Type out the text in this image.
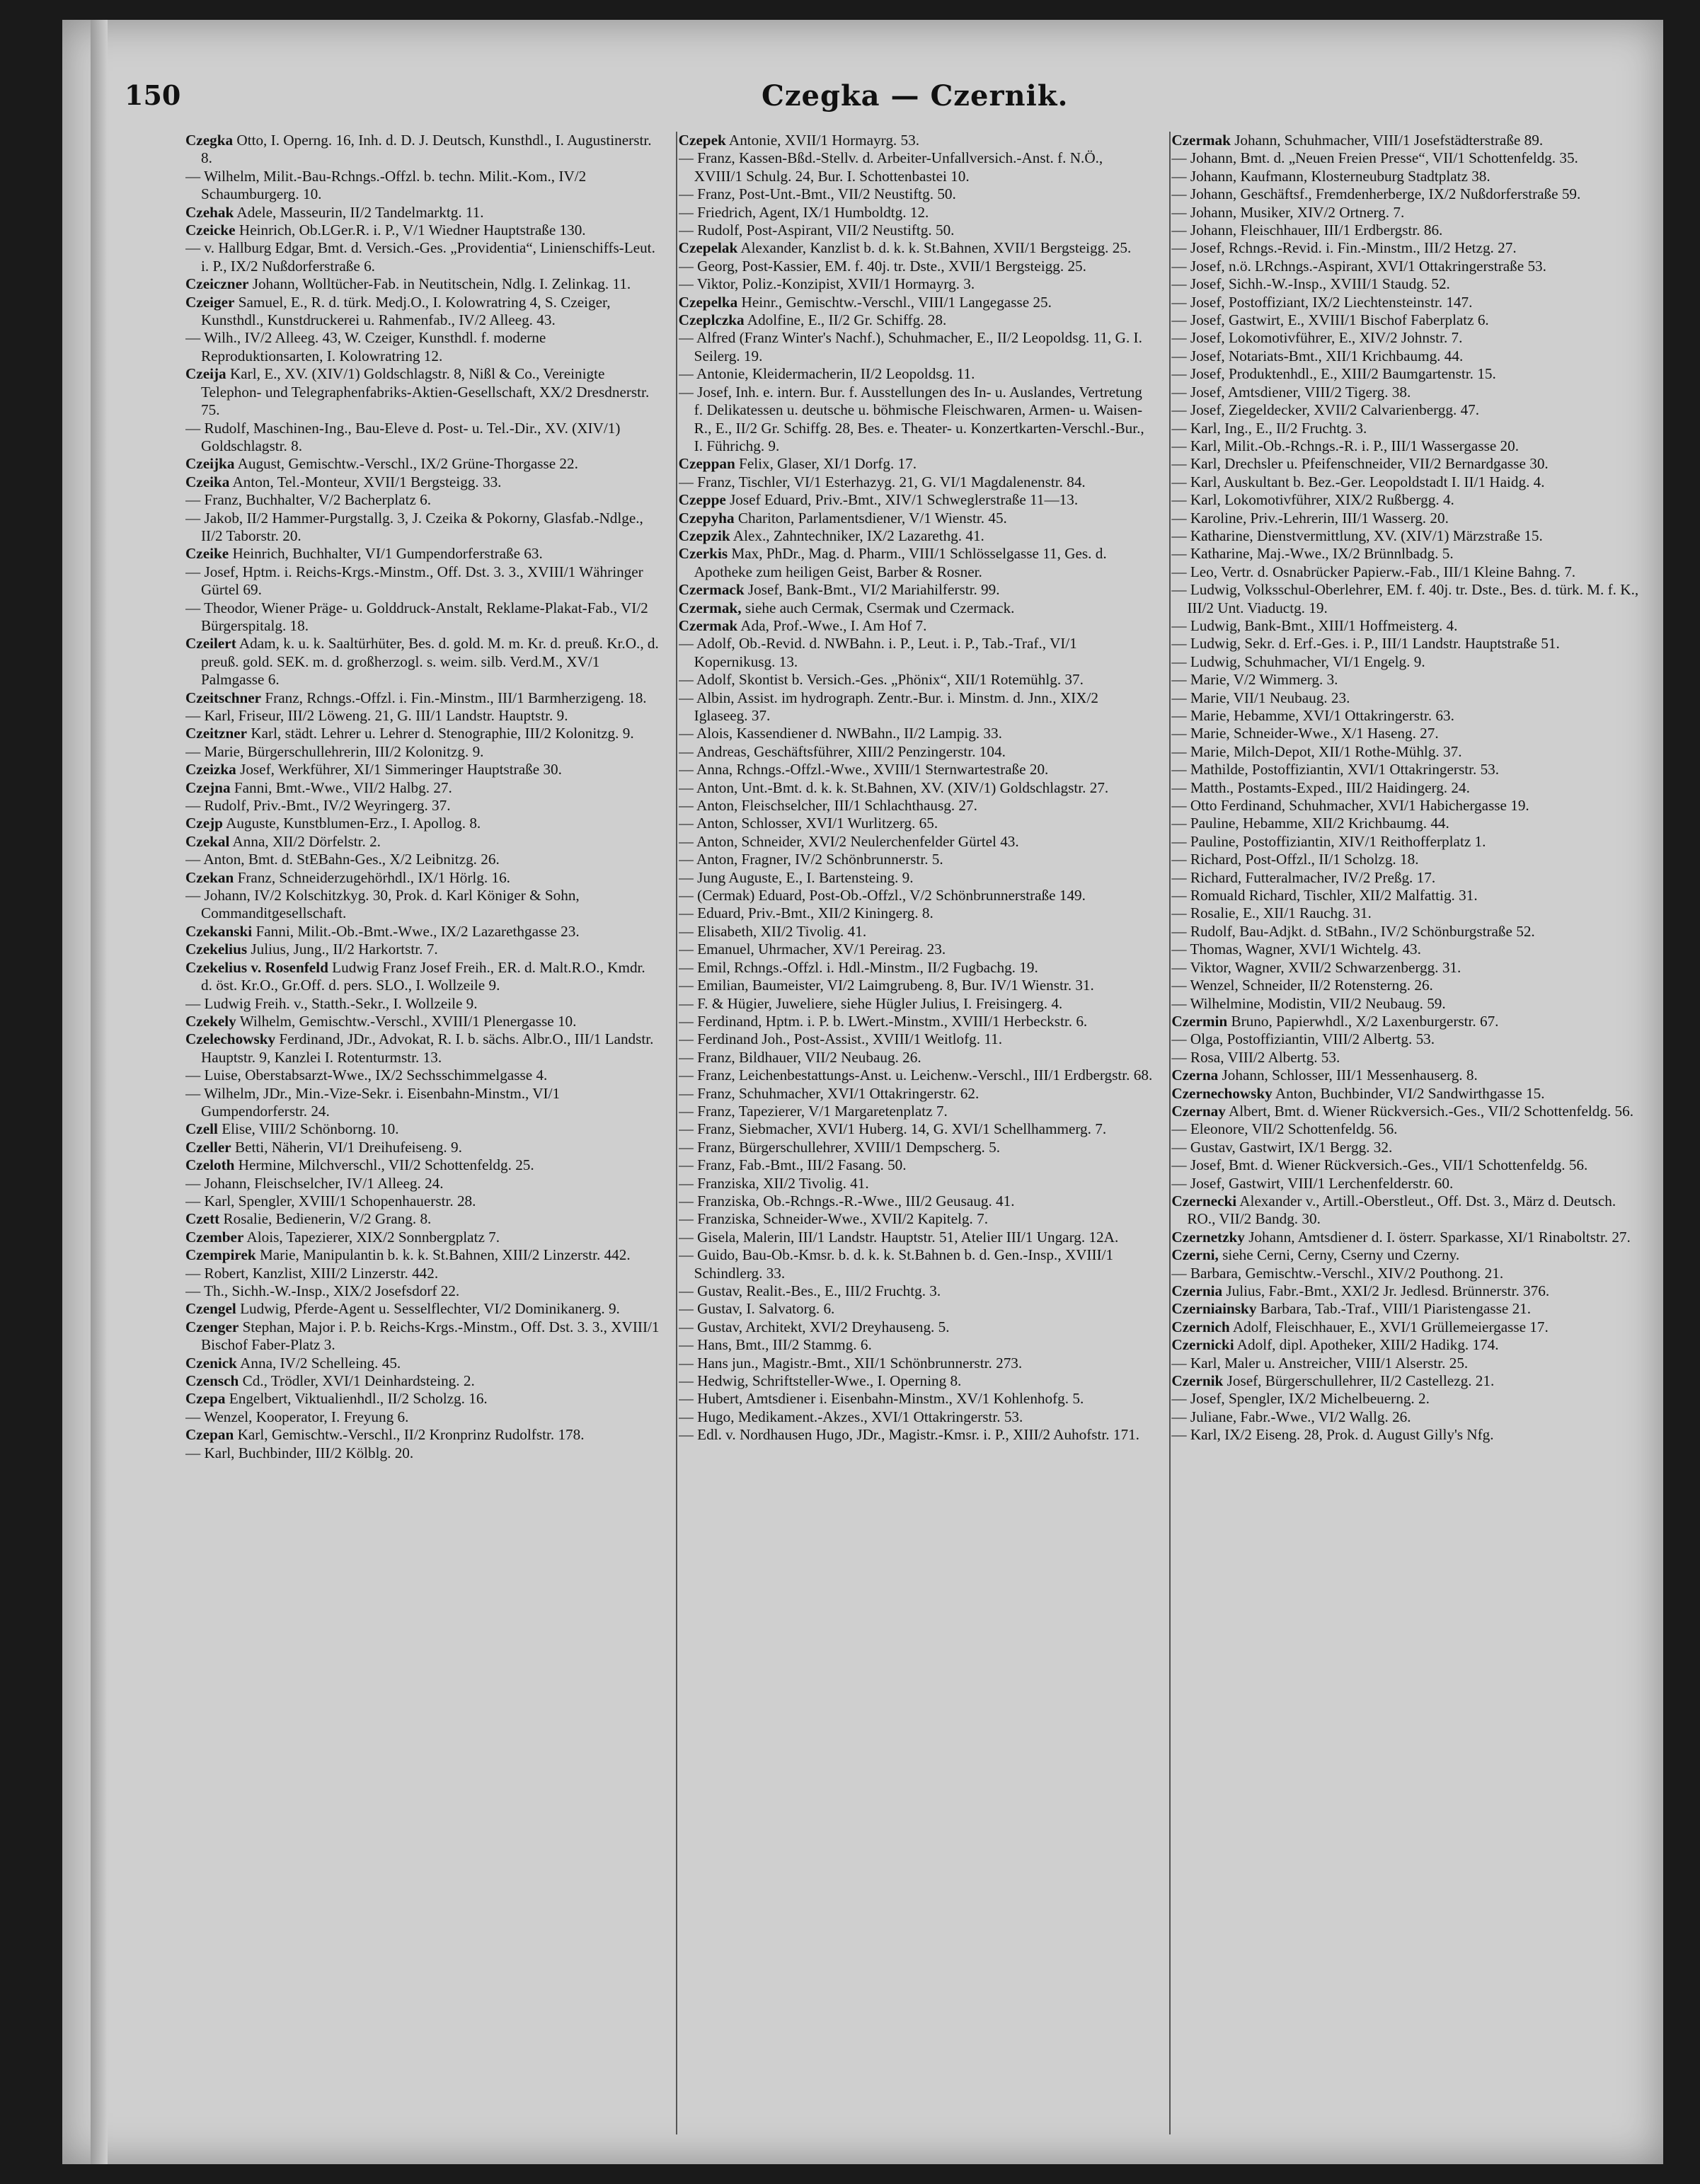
150	Czegka — Czernik.

Czegka Otto, I. Operng. 16, Inh. d. D. J. Deutsch, Kunsthdl., I. Augustinerstr. 8.

— Wilhelm, Milit.-Bau-Rchngs.-Offzl. b. techn. Milit.-Kom., IV/2 Schaumburgerg. 10.

Czehak Adele, Masseurin, II/2 Tandelmarktg. 11.

Czeicke Heinrich, Ob.LGer.R. i. P., V/1 Wiedner Hauptstraße 130.

— v. Hallburg Edgar, Bmt. d. Versich.-Ges. „Providentia“, Linienschiffs-Leut. i. P., IX/2 Nußdorferstraße 6.

Czeiczner Johann, Wolltücher-Fab. in Neutitschein, Ndlg. I. Zelinkag. 11.

Czeiger Samuel, E., R. d. türk. Medj.O., I. Kolowratring 4, S. Czeiger, Kunsthdl., Kunstdruckerei u. Rahmenfab., IV/2 Alleeg. 43.

— Wilh., IV/2 Alleeg. 43, W. Czeiger, Kunsthdl. f. moderne Reproduktionsarten, I. Kolowratring 12.

Czeija Karl, E., XV. (XIV/1) Goldschlagstr. 8, Nißl & Co., Vereinigte Telephon- und Telegraphenfabriks-Aktien-Gesellschaft, XX/2 Dresdnerstr. 75.

— Rudolf, Maschinen-Ing., Bau-Eleve d. Post- u. Tel.-Dir., XV. (XIV/1) Goldschlagstr. 8.

Czeijka August, Gemischtw.-Verschl., IX/2 Grüne-Thorgasse 22.

Czeika Anton, Tel.-Monteur, XVII/1 Bergsteigg. 33.

— Franz, Buchhalter, V/2 Bacherplatz 6.

— Jakob, II/2 Hammer-Purgstallg. 3, J. Czeika & Pokorny, Glasfab.-Ndlge., II/2 Taborstr. 20.

Czeike Heinrich, Buchhalter, VI/1 Gumpendorferstraße 63.

— Josef, Hptm. i. Reichs-Krgs.-Minstm., Off. Dst. 3. 3., XVIII/1 Währinger Gürtel 69.

— Theodor, Wiener Präge- u. Golddruck-Anstalt, Reklame-Plakat-Fab., VI/2 Bürgerspitalg. 18.

Czeilert Adam, k. u. k. Saaltürhüter, Bes. d. gold. M. m. Kr. d. preuß. Kr.O., d. preuß. gold. SEK. m. d. großherzogl. s. weim. silb. Verd.M., XV/1 Palmgasse 6.

Czeitschner Franz, Rchngs.-Offzl. i. Fin.-Minstm., III/1 Barmherzigeng. 18.

— Karl, Friseur, III/2 Löweng. 21, G. III/1 Landstr. Hauptstr. 9.

Czeitzner Karl, städt. Lehrer u. Lehrer d. Stenographie, III/2 Kolonitzg. 9.

— Marie, Bürgerschullehrerin, III/2 Kolonitzg. 9.

Czeizka Josef, Werkführer, XI/1 Simmeringer Hauptstraße 30.

Czejna Fanni, Bmt.-Wwe., VII/2 Halbg. 27.

— Rudolf, Priv.-Bmt., IV/2 Weyringerg. 37.

Czejp Auguste, Kunstblumen-Erz., I. Apollog. 8.

Czekal Anna, XII/2 Dörfelstr. 2.

— Anton, Bmt. d. StEBahn-Ges., X/2 Leibnitzg. 26.

Czekan Franz, Schneiderzugehörhdl., IX/1 Hörlg. 16.

— Johann, IV/2 Kolschitzkyg. 30, Prok. d. Karl Königer & Sohn, Commanditgesellschaft.

Czekanski Fanni, Milit.-Ob.-Bmt.-Wwe., IX/2 Lazarethgasse 23.

Czekelius Julius, Jung., II/2 Harkortstr. 7.

Czekelius v. Rosenfeld Ludwig Franz Josef Freih., ER. d. Malt.R.O., Kmdr. d. öst. Kr.O., Gr.Off. d. pers. SLO., I. Wollzeile 9.

— Ludwig Freih. v., Statth.-Sekr., I. Wollzeile 9.

Czekely Wilhelm, Gemischtw.-Verschl., XVIII/1 Plenergasse 10.

Czelechowsky Ferdinand, JDr., Advokat, R. I. b. sächs. Albr.O., III/1 Landstr. Hauptstr. 9, Kanzlei I. Rotenturmstr. 13.

— Luise, Oberstabsarzt-Wwe., IX/2 Sechsschimmelgasse 4.

— Wilhelm, JDr., Min.-Vize-Sekr. i. Eisenbahn-Minstm., VI/1 Gumpendorferstr. 24.

Czell Elise, VIII/2 Schönborng. 10.

Czeller Betti, Näherin, VI/1 Dreihufeiseng. 9.

Czeloth Hermine, Milchverschl., VII/2 Schottenfeldg. 25.

— Johann, Fleischselcher, IV/1 Alleeg. 24.

— Karl, Spengler, XVIII/1 Schopenhauerstr. 28.

Czett Rosalie, Bedienerin, V/2 Grang. 8.

Czember Alois, Tapezierer, XIX/2 Sonnbergplatz 7.

Czempirek Marie, Manipulantin b. k. k. St.Bahnen, XIII/2 Linzerstr. 442.

— Robert, Kanzlist, XIII/2 Linzerstr. 442.

— Th., Sichh.-W.-Insp., XIX/2 Josefsdorf 22.

Czengel Ludwig, Pferde-Agent u. Sesselflechter, VI/2 Dominikanerg. 9.

Czenger Stephan, Major i. P. b. Reichs-Krgs.-Minstm., Off. Dst. 3. 3., XVIII/1 Bischof Faber-Platz 3.

Czenick Anna, IV/2 Schelleing. 45.

Czensch Cd., Trödler, XVI/1 Deinhardsteing. 2.

Czepa Engelbert, Viktualienhdl., II/2 Scholzg. 16.

— Wenzel, Kooperator, I. Freyung 6.

Czepan Karl, Gemischtw.-Verschl., II/2 Kronprinz Rudolfstr. 178.

— Karl, Buchbinder, III/2 Kölblg. 20.

Czepek Antonie, XVII/1 Hormayrg. 53.

— Franz, Kassen-Bßd.-Stellv. d. Arbeiter-Unfallversich.-Anst. f. N.Ö., XVIII/1 Schulg. 24, Bur. I. Schottenbastei 10.

— Franz, Post-Unt.-Bmt., VII/2 Neustiftg. 50.

— Friedrich, Agent, IX/1 Humboldtg. 12.

— Rudolf, Post-Aspirant, VII/2 Neustiftg. 50.

Czepelak Alexander, Kanzlist b. d. k. k. St.Bahnen, XVII/1 Bergsteigg. 25.

— Georg, Post-Kassier, EM. f. 40j. tr. Dste., XVII/1 Bergsteigg. 25.

— Viktor, Poliz.-Konzipist, XVII/1 Hormayrg. 3.

Czepelka Heinr., Gemischtw.-Verschl., VIII/1 Langegasse 25.

Czeplczka Adolfine, E., II/2 Gr. Schiffg. 28.

— Alfred (Franz Winter's Nachf.), Schuhmacher, E., II/2 Leopoldsg. 11, G. I. Seilerg. 19.

— Antonie, Kleidermacherin, II/2 Leopoldsg. 11.

— Josef, Inh. e. intern. Bur. f. Ausstellungen des In- u. Auslandes, Vertretung f. Delikatessen u. deutsche u. böhmische Fleischwaren, Armen- u. Waisen-R., E., II/2 Gr. Schiffg. 28, Bes. e. Theater- u. Konzertkarten-Verschl.-Bur., I. Führichg. 9.

Czeppan Felix, Glaser, XI/1 Dorfg. 17.

— Franz, Tischler, VI/1 Esterhazyg. 21, G. VI/1 Magdalenenstr. 84.

Czeppe Josef Eduard, Priv.-Bmt., XIV/1 Schweglerstraße 11—13.

Czepyha Chariton, Parlamentsdiener, V/1 Wienstr. 45.

Czepzik Alex., Zahntechniker, IX/2 Lazarethg. 41.

Czerkis Max, PhDr., Mag. d. Pharm., VIII/1 Schlösselgasse 11, Ges. d. Apotheke zum heiligen Geist, Barber & Rosner.

Czermack Josef, Bank-Bmt., VI/2 Mariahilferstr. 99.

Czermak, siehe auch Cermak, Csermak und Czermack.

Czermak Ada, Prof.-Wwe., I. Am Hof 7.

— Adolf, Ob.-Revid. d. NWBahn. i. P., Leut. i. P., Tab.-Traf., VI/1 Kopernikusg. 13.

— Adolf, Skontist b. Versich.-Ges. „Phönix“, XII/1 Rotemühlg. 37.

— Albin, Assist. im hydrograph. Zentr.-Bur. i. Minstm. d. Jnn., XIX/2 Iglaseeg. 37.

— Alois, Kassendiener d. NWBahn., II/2 Lampig. 33.

— Andreas, Geschäftsführer, XIII/2 Penzingerstr. 104.

— Anna, Rchngs.-Offzl.-Wwe., XVIII/1 Sternwartestraße 20.

— Anton, Unt.-Bmt. d. k. k. St.Bahnen, XV. (XIV/1) Goldschlagstr. 27.

— Anton, Fleischselcher, III/1 Schlachthausg. 27.

— Anton, Schlosser, XVI/1 Wurlitzerg. 65.

— Anton, Schneider, XVI/2 Neulerchenfelder Gürtel 43.

— Anton, Fragner, IV/2 Schönbrunnerstr. 5.

— Jung Auguste, E., I. Bartensteing. 9.

— (Cermak) Eduard, Post-Ob.-Offzl., V/2 Schönbrunnerstraße 149.

— Eduard, Priv.-Bmt., XII/2 Kiningerg. 8.

— Elisabeth, XII/2 Tivolig. 41.

— Emanuel, Uhrmacher, XV/1 Pereirag. 23.

— Emil, Rchngs.-Offzl. i. Hdl.-Minstm., II/2 Fugbachg. 19.

— Emilian, Baumeister, VI/2 Laimgrubeng. 8, Bur. IV/1 Wienstr. 31.

— F. & Hügier, Juweliere, siehe Hügler Julius, I. Freisingerg. 4.

— Ferdinand, Hptm. i. P. b. LWert.-Minstm., XVIII/1 Herbeckstr. 6.

— Ferdinand Joh., Post-Assist., XVIII/1 Weitlofg. 11.

— Franz, Bildhauer, VII/2 Neubaug. 26.

— Franz, Leichenbestattungs-Anst. u. Leichenw.-Verschl., III/1 Erdbergstr. 68.

— Franz, Schuhmacher, XVI/1 Ottakringerstr. 62.

— Franz, Tapezierer, V/1 Margaretenplatz 7.

— Franz, Siebmacher, XVI/1 Huberg. 14, G. XVI/1 Schellhammerg. 7.

— Franz, Bürgerschullehrer, XVIII/1 Dempscherg. 5.

— Franz, Fab.-Bmt., III/2 Fasang. 50.

— Franziska, XII/2 Tivolig. 41.

— Franziska, Ob.-Rchngs.-R.-Wwe., III/2 Geusaug. 41.

— Franziska, Schneider-Wwe., XVII/2 Kapitelg. 7.

— Gisela, Malerin, III/1 Landstr. Hauptstr. 51, Atelier III/1 Ungarg. 12A.

— Guido, Bau-Ob.-Kmsr. b. d. k. k. St.Bahnen b. d. Gen.-Insp., XVIII/1 Schindlerg. 33.

— Gustav, Realit.-Bes., E., III/2 Fruchtg. 3.

— Gustav, I. Salvatorg. 6.

— Gustav, Architekt, XVI/2 Dreyhauseng. 5.

— Hans, Bmt., III/2 Stammg. 6.

— Hans jun., Magistr.-Bmt., XII/1 Schönbrunnerstr. 273.

— Hedwig, Schriftsteller-Wwe., I. Operning 8.

— Hubert, Amtsdiener i. Eisenbahn-Minstm., XV/1 Kohlenhofg. 5.

— Hugo, Medikament.-Akzes., XVI/1 Ottakringerstr. 53.

— Edl. v. Nordhausen Hugo, JDr., Magistr.-Kmsr. i. P., XIII/2 Auhofstr. 171.

Czermak Johann, Schuhmacher, VIII/1 Josefstädterstraße 89.

— Johann, Bmt. d. „Neuen Freien Presse“, VII/1 Schottenfeldg. 35.

— Johann, Kaufmann, Klosterneuburg Stadtplatz 38.

— Johann, Geschäftsf., Fremdenherberge, IX/2 Nußdorferstraße 59.

— Johann, Musiker, XIV/2 Ortnerg. 7.

— Johann, Fleischhauer, III/1 Erdbergstr. 86.

— Josef, Rchngs.-Revid. i. Fin.-Minstm., III/2 Hetzg. 27.

— Josef, n.ö. LRchngs.-Aspirant, XVI/1 Ottakringerstraße 53.

— Josef, Sichh.-W.-Insp., XVIII/1 Staudg. 52.

— Josef, Postoffiziant, IX/2 Liechtensteinstr. 147.

— Josef, Gastwirt, E., XVIII/1 Bischof Faberplatz 6.

— Josef, Lokomotivführer, E., XIV/2 Johnstr. 7.

— Josef, Notariats-Bmt., XII/1 Krichbaumg. 44.

— Josef, Produktenhdl., E., XIII/2 Baumgartenstr. 15.

— Josef, Amtsdiener, VIII/2 Tigerg. 38.

— Josef, Ziegeldecker, XVII/2 Calvarienbergg. 47.

— Karl, Ing., E., II/2 Fruchtg. 3.

— Karl, Milit.-Ob.-Rchngs.-R. i. P., III/1 Wassergasse 20.

— Karl, Drechsler u. Pfeifenschneider, VII/2 Bernardgasse 30.

— Karl, Auskultant b. Bez.-Ger. Leopoldstadt I. II/1 Haidg. 4.

— Karl, Lokomotivführer, XIX/2 Rußbergg. 4.

— Karoline, Priv.-Lehrerin, III/1 Wasserg. 20.

— Katharine, Dienstvermittlung, XV. (XIV/1) Märzstraße 15.

— Katharine, Maj.-Wwe., IX/2 Brünnlbadg. 5.

— Leo, Vertr. d. Osnabrücker Papierw.-Fab., III/1 Kleine Bahng. 7.

— Ludwig, Volksschul-Oberlehrer, EM. f. 40j. tr. Dste., Bes. d. türk. M. f. K., III/2 Unt. Viaductg. 19.

— Ludwig, Bank-Bmt., XIII/1 Hoffmeisterg. 4.

— Ludwig, Sekr. d. Erf.-Ges. i. P., III/1 Landstr. Hauptstraße 51.

— Ludwig, Schuhmacher, VI/1 Engelg. 9.

— Marie, V/2 Wimmerg. 3.

— Marie, VII/1 Neubaug. 23.

— Marie, Hebamme, XVI/1 Ottakringerstr. 63.

— Marie, Schneider-Wwe., X/1 Haseng. 27.

— Marie, Milch-Depot, XII/1 Rothe-Mühlg. 37.

— Mathilde, Postoffiziantin, XVI/1 Ottakringerstr. 53.

— Matth., Postamts-Exped., III/2 Haidingerg. 24.

— Otto Ferdinand, Schuhmacher, XVI/1 Habichergasse 19.

— Pauline, Hebamme, XII/2 Krichbaumg. 44.

— Pauline, Postoffiziantin, XIV/1 Reithofferplatz 1.

— Richard, Post-Offzl., II/1 Scholzg. 18.

— Richard, Futteralmacher, IV/2 Preßg. 17.

— Romuald Richard, Tischler, XII/2 Malfattig. 31.

— Rosalie, E., XII/1 Rauchg. 31.

— Rudolf, Bau-Adjkt. d. StBahn., IV/2 Schönburgstraße 52.

— Thomas, Wagner, XVI/1 Wichtelg. 43.

— Viktor, Wagner, XVII/2 Schwarzenbergg. 31.

— Wenzel, Schneider, II/2 Rotensterng. 26.

— Wilhelmine, Modistin, VII/2 Neubaug. 59.

Czermin Bruno, Papierwhdl., X/2 Laxenburgerstr. 67.

— Olga, Postoffiziantin, VIII/2 Albertg. 53.

— Rosa, VIII/2 Albertg. 53.

Czerna Johann, Schlosser, III/1 Messenhauserg. 8.

Czernechowsky Anton, Buchbinder, VI/2 Sandwirthgasse 15.

Czernay Albert, Bmt. d. Wiener Rückversich.-Ges., VII/2 Schottenfeldg. 56.

— Eleonore, VII/2 Schottenfeldg. 56.

— Gustav, Gastwirt, IX/1 Bergg. 32.

— Josef, Bmt. d. Wiener Rückversich.-Ges., VII/1 Schottenfeldg. 56.

— Josef, Gastwirt, VIII/1 Lerchenfelderstr. 60.

Czernecki Alexander v., Artill.-Oberstleut., Off. Dst. 3., März d. Deutsch. RO., VII/2 Bandg. 30.

Czernetzky Johann, Amtsdiener d. I. österr. Sparkasse, XI/1 Rinaboltstr. 27.

Czerni, siehe Cerni, Cerny, Cserny und Czerny.

— Barbara, Gemischtw.-Verschl., XIV/2 Pouthong. 21.

Czernia Julius, Fabr.-Bmt., XXI/2 Jr. Jedlesd. Brünnerstr. 376.

Czerniainsky Barbara, Tab.-Traf., VIII/1 Piaristengasse 21.

Czernich Adolf, Fleischhauer, E., XVI/1 Grüllemeiergasse 17.

Czernicki Adolf, dipl. Apotheker, XIII/2 Hadikg. 174.

— Karl, Maler u. Anstreicher, VIII/1 Alserstr. 25.

Czernik Josef, Bürgerschullehrer, II/2 Castellezg. 21.

— Josef, Spengler, IX/2 Michelbeuerng. 2.

— Juliane, Fabr.-Wwe., VI/2 Wallg. 26.

— Karl, IX/2 Eiseng. 28, Prok. d. August Gilly's Nfg.
